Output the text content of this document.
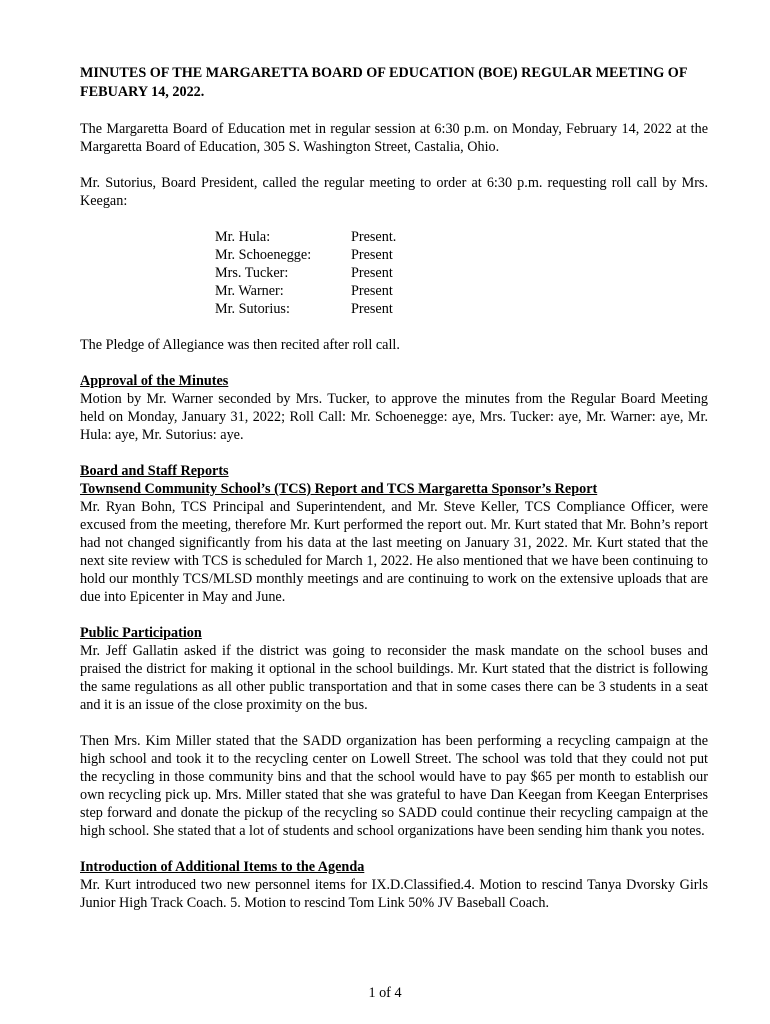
MINUTES OF THE MARGARETTA BOARD OF EDUCATION (BOE) REGULAR MEETING OF FEBUARY 14, 2022.

The Margaretta Board of Education met in regular session at 6:30 p.m. on Monday, February 14, 2022 at the Margaretta Board of Education, 305 S. Washington Street, Castalia, Ohio.

Mr. Sutorius, Board President, called the regular meeting to order at 6:30 p.m. requesting roll call by Mrs. Keegan:

Mr. Hula:	Present.
Mr. Schoenegge:	Present
Mrs. Tucker:	Present
Mr. Warner:	Present
Mr. Sutorius:	Present

The Pledge of Allegiance was then recited after roll call.

Approval of the Minutes

Motion by Mr. Warner seconded by Mrs. Tucker, to approve the minutes from the Regular Board Meeting held on Monday, January 31, 2022; Roll Call: Mr. Schoenegge: aye, Mrs. Tucker: aye, Mr. Warner: aye, Mr. Hula: aye, Mr. Sutorius: aye.

Board and Staff Reports
Townsend Community School’s (TCS) Report and TCS Margaretta Sponsor’s Report

Mr. Ryan Bohn, TCS Principal and Superintendent, and Mr. Steve Keller, TCS Compliance Officer, were excused from the meeting, therefore Mr. Kurt performed the report out. Mr. Kurt stated that Mr. Bohn’s report had not changed significantly from his data at the last meeting on January 31, 2022. Mr. Kurt stated that the next site review with TCS is scheduled for March 1, 2022. He also mentioned that we have been continuing to hold our monthly TCS/MLSD monthly meetings and are continuing to work on the extensive uploads that are due into Epicenter in May and June.

Public Participation

Mr. Jeff Gallatin asked if the district was going to reconsider the mask mandate on the school buses and praised the district for making it optional in the school buildings. Mr. Kurt stated that the district is following the same regulations as all other public transportation and that in some cases there can be 3 students in a seat and it is an issue of the close proximity on the bus.

Then Mrs. Kim Miller stated that the SADD organization has been performing a recycling campaign at the high school and took it to the recycling center on Lowell Street. The school was told that they could not put the recycling in those community bins and that the school would have to pay $65 per month to establish our own recycling pick up. Mrs. Miller stated that she was grateful to have Dan Keegan from Keegan Enterprises step forward and donate the pickup of the recycling so SADD could continue their recycling campaign at the high school. She stated that a lot of students and school organizations have been sending him thank you notes.

Introduction of Additional Items to the Agenda

Mr. Kurt introduced two new personnel items for IX.D.Classified.4. Motion to rescind Tanya Dvorsky Girls Junior High Track Coach. 5. Motion to rescind Tom Link 50% JV Baseball Coach.

1 of 4
